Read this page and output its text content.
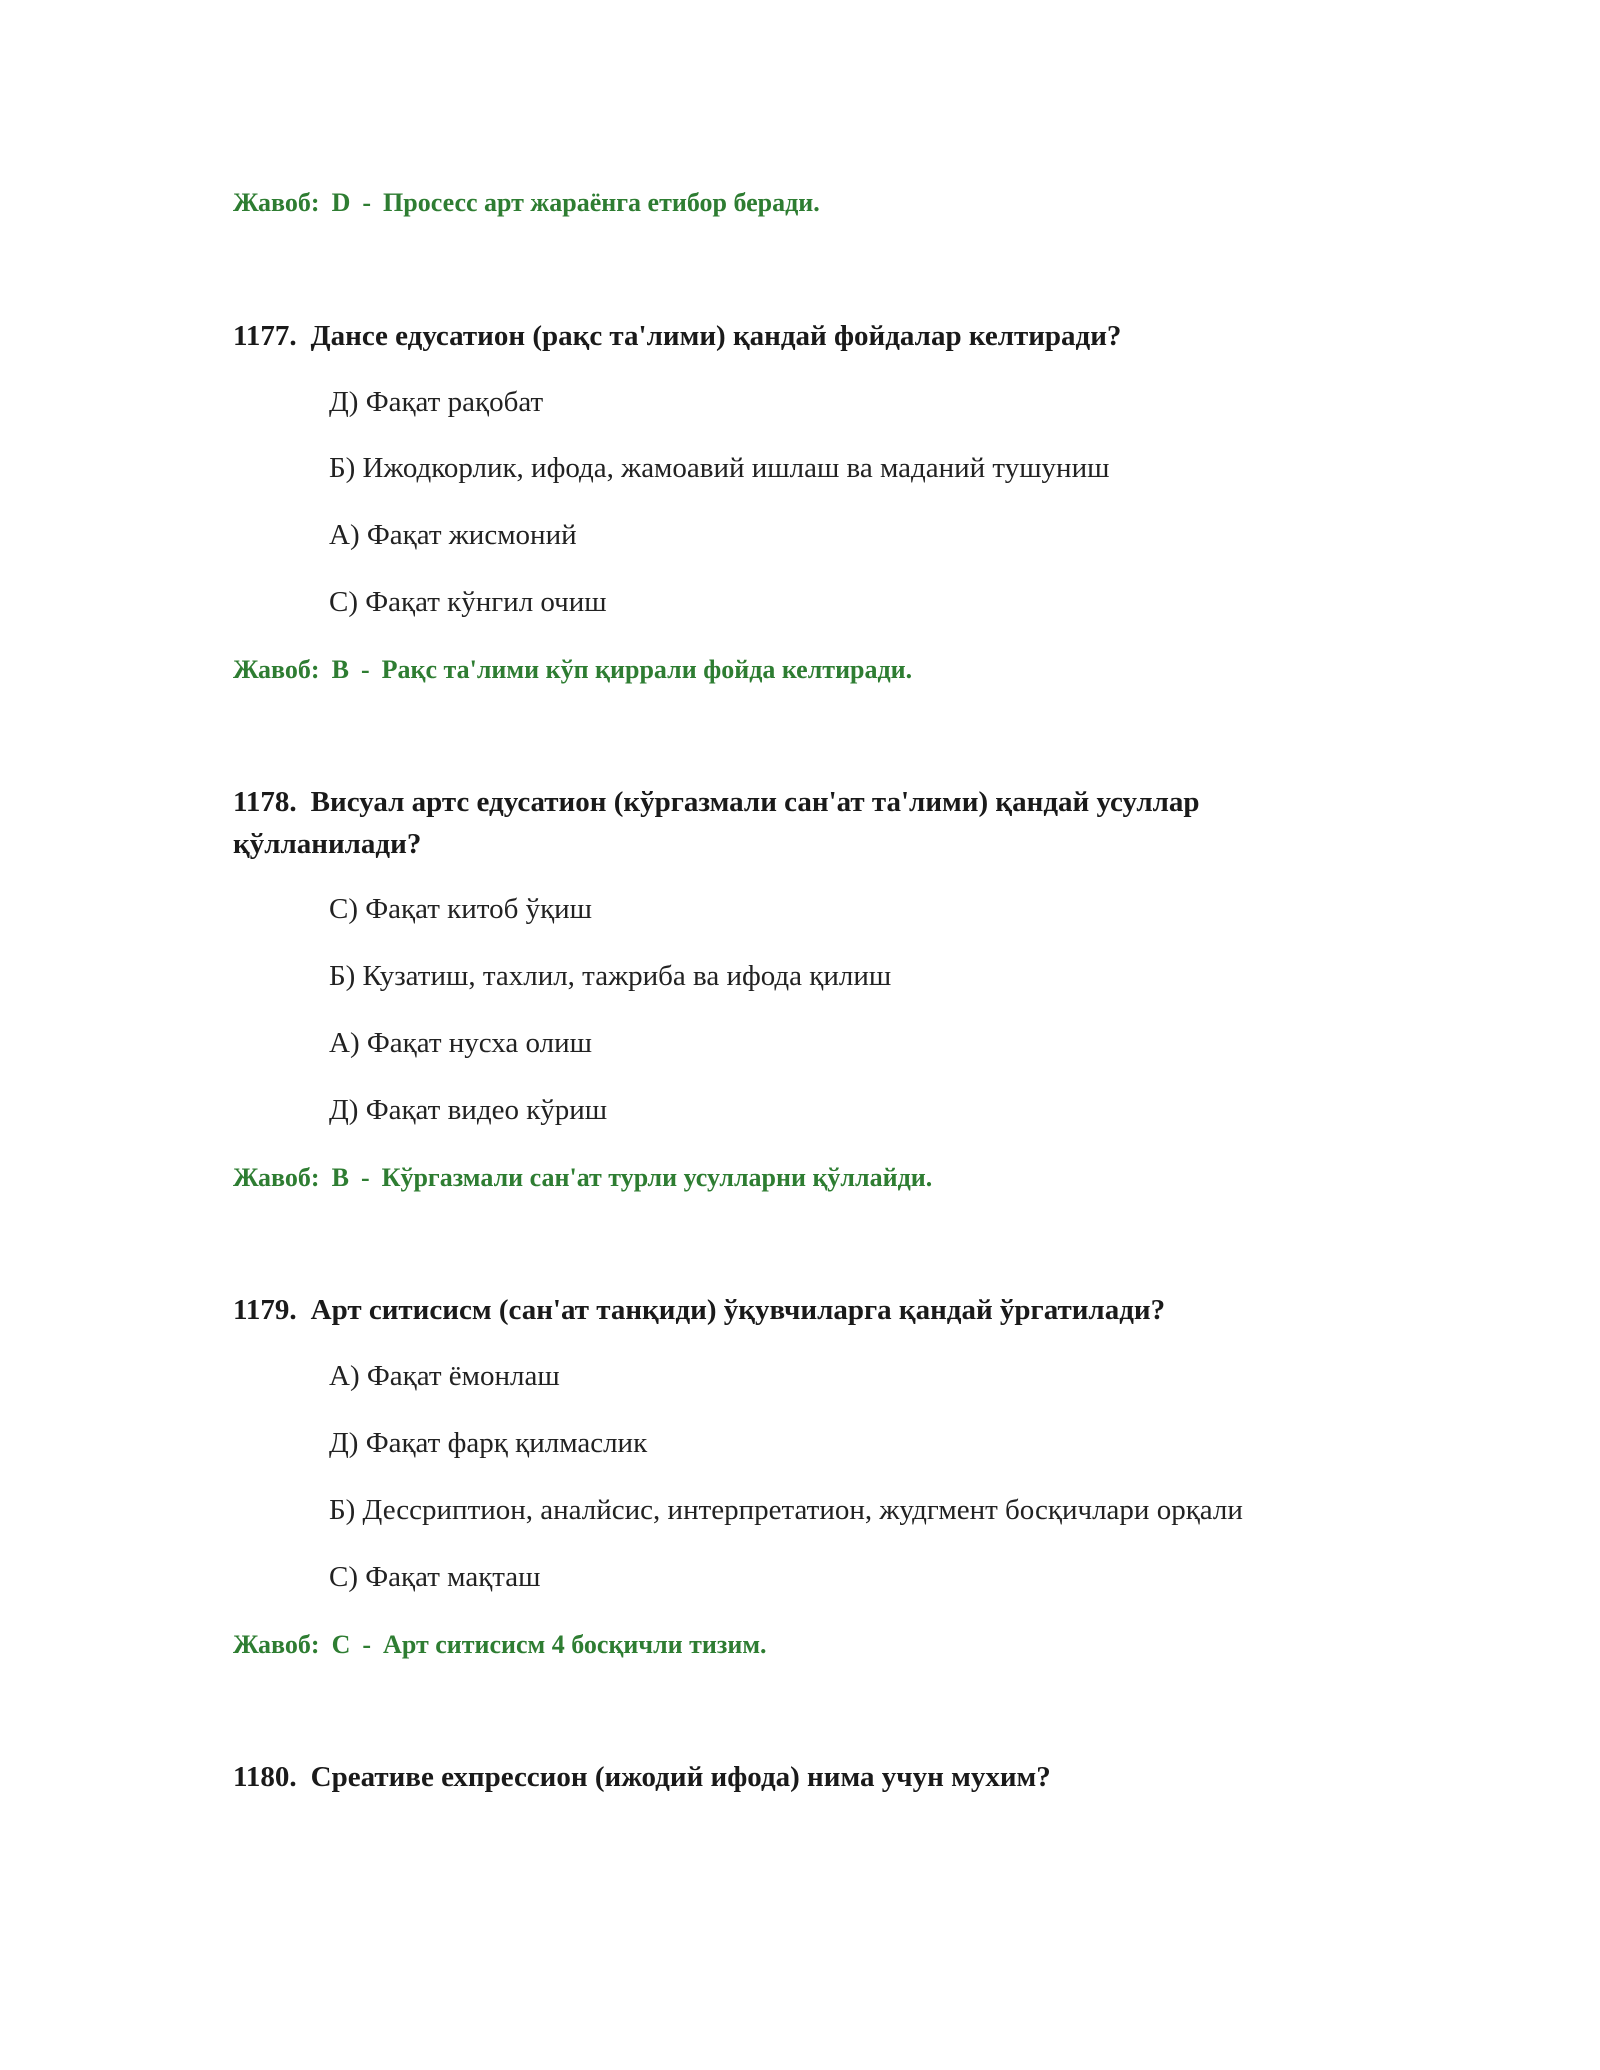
Жавоб: D - Просесс арт жараёнга етибор беради.
1177. Дансе едусатион (рақс та'лими) қандай фойдалар келтиради?
Д) Фақат рақобат
Б) Ижодкорлик, ифода, жамоавий ишлаш ва маданий тушуниш
А) Фақат жисмоний
С) Фақат кўнгил очиш
Жавоб: B - Рақс та'лими кўп қиррали фойда келтиради.
1178. Висуал артс едусатион (кўргазмали сан'ат та'лими) қандай усуллар қўлланилади?
С) Фақат китоб ўқиш
Б) Кузатиш, тахлил, тажриба ва ифода қилиш
А) Фақат нусха олиш
Д) Фақат видео кўриш
Жавоб: B - Кўргазмали сан'ат турли усулларни қўллайди.
1179. Арт ситисисм (сан'ат танқиди) ўқувчиларга қандай ўргатилади?
А) Фақат ёмонлаш
Д) Фақат фарқ қилмаслик
Б) Дессриптион, аналйсис, интерпретатион, жудгмент босқичлари орқали
С) Фақат мақташ
Жавоб: C - Арт ситисисм 4 босқичли тизим.
1180. Среативе ехпрессион (ижодий ифода) нима учун мухим?
